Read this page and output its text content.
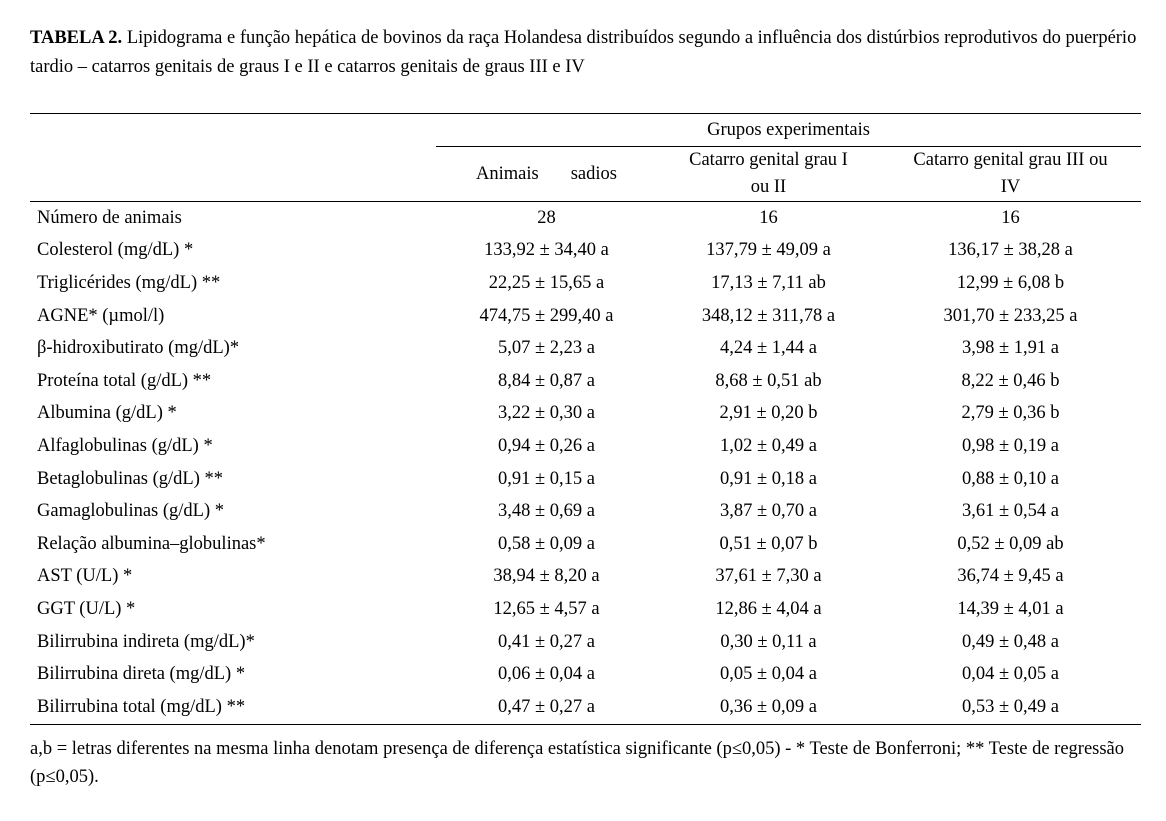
TABELA 2. Lipidograma e função hepática de bovinos da raça Holandesa distribuídos segundo a influência dos distúrbios reprodutivos do puerpério tardio – catarros genitais de graus I e II e catarros genitais de graus III e IV
	Grupos experimentais		
	Animais sadios	Catarro genital grau I
ou II	Catarro genital grau III ou
IV
Número de animais	28	16	16
Colesterol (mg/dL) *	133,92 ± 34,40 a	137,79 ± 49,09 a	136,17 ± 38,28 a
Triglicérides (mg/dL) **	22,25 ± 15,65 a	17,13 ± 7,11 ab	12,99 ± 6,08 b
AGNE* (µmol/l)	474,75 ± 299,40 a	348,12 ± 311,78 a	301,70 ± 233,25 a
β-hidroxibutirato (mg/dL)*	5,07 ± 2,23 a	4,24 ± 1,44 a	3,98 ± 1,91 a
Proteína total (g/dL) **	8,84 ± 0,87 a	8,68 ± 0,51 ab	8,22 ± 0,46 b
Albumina (g/dL) *	3,22 ± 0,30 a	2,91 ± 0,20 b	2,79 ± 0,36 b
Alfaglobulinas (g/dL) *	0,94 ± 0,26 a	1,02 ± 0,49 a	0,98 ± 0,19 a
Betaglobulinas (g/dL) **	0,91 ± 0,15 a	0,91 ± 0,18 a	0,88 ± 0,10 a
Gamaglobulinas (g/dL) *	3,48 ± 0,69 a	3,87 ± 0,70 a	3,61 ± 0,54 a
Relação albumina–globulinas*	0,58 ± 0,09 a	0,51 ± 0,07 b	0,52 ± 0,09 ab
AST (U/L) *	38,94 ± 8,20 a	37,61 ± 7,30 a	36,74 ± 9,45 a
GGT (U/L) *	12,65 ± 4,57 a	12,86 ± 4,04 a	14,39 ± 4,01 a
Bilirrubina indireta (mg/dL)*	0,41 ± 0,27 a	0,30 ± 0,11 a	0,49 ± 0,48 a
Bilirrubina direta (mg/dL) *	0,06 ± 0,04 a	0,05 ± 0,04 a	0,04 ± 0,05 a
Bilirrubina total (mg/dL) **	0,47 ± 0,27 a	0,36 ± 0,09 a	0,53 ± 0,49 a
a,b = letras diferentes na mesma linha denotam presença de diferença estatística significante (p≤0,05) - * Teste de Bonferroni; ** Teste de regressão (p≤0,05).
